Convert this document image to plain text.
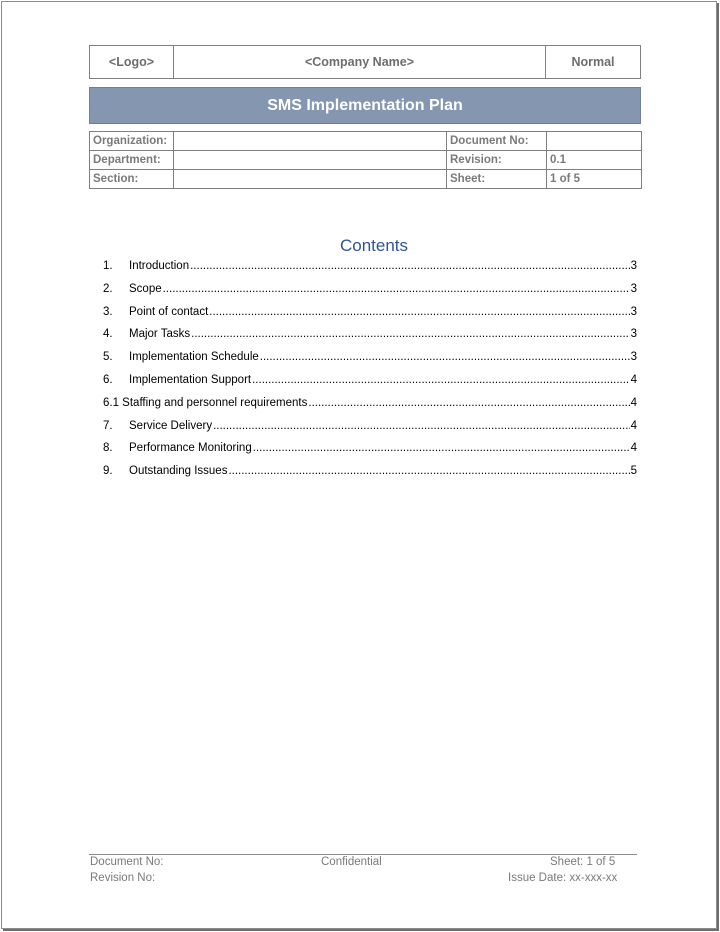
<Logo>	<Company Name>	Normal
SMS Implementation Plan
Organization:		Document No:	
Department:		Revision:	0.1
Section:		Sheet:	1 of 5
Contents
1.	Introduction .....	3
2.	Scope .....	3
3.	Point of contact .....	3
4.	Major Tasks .....	3
5.	Implementation Schedule .....	3
6.	Implementation Support .....	4
6.1 Staffing and personnel requirements .....	4
7.	Service Delivery .....	4
8.	Performance Monitoring .....	4
9.	Outstanding Issues .....	5
Document No:	Confidential	Sheet: 1 of 5
Revision No:	Issue Date: xx-xxx-xx
